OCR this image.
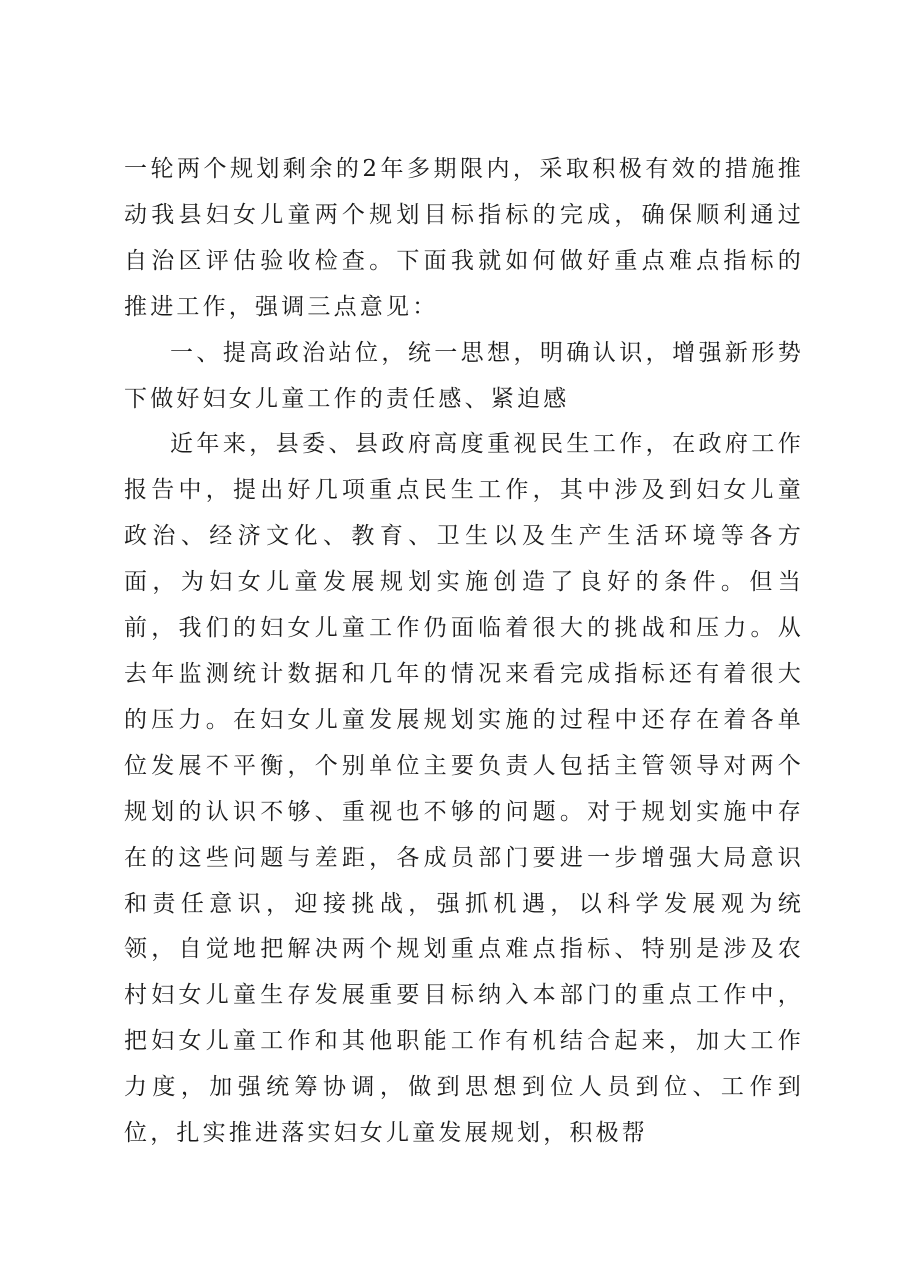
一轮两个规划剩余的2年多期限内，采取积极有效的措施推动我县妇女儿童两个规划目标指标的完成，确保顺利通过自治区评估验收检查。下面我就如何做好重点难点指标的推进工作，强调三点意见：

一、提高政治站位，统一思想，明确认识，增强新形势下做好妇女儿童工作的责任感、紧迫感

近年来，县委、县政府高度重视民生工作，在政府工作报告中，提出好几项重点民生工作，其中涉及到妇女儿童政治、经济文化、教育、卫生以及生产生活环境等各方面，为妇女儿童发展规划实施创造了良好的条件。但当前，我们的妇女儿童工作仍面临着很大的挑战和压力。从去年监测统计数据和几年的情况来看完成指标还有着很大的压力。在妇女儿童发展规划实施的过程中还存在着各单位发展不平衡，个别单位主要负责人包括主管领导对两个规划的认识不够、重视也不够的问题。对于规划实施中存在的这些问题与差距，各成员部门要进一步增强大局意识和责任意识，迎接挑战，强抓机遇，以科学发展观为统领，自觉地把解决两个规划重点难点指标、特别是涉及农村妇女儿童生存发展重要目标纳入本部门的重点工作中，把妇女儿童工作和其他职能工作有机结合起来，加大工作力度，加强统筹协调，做到思想到位人员到位、工作到位，扎实推进落实妇女儿童发展规划，积极帮
